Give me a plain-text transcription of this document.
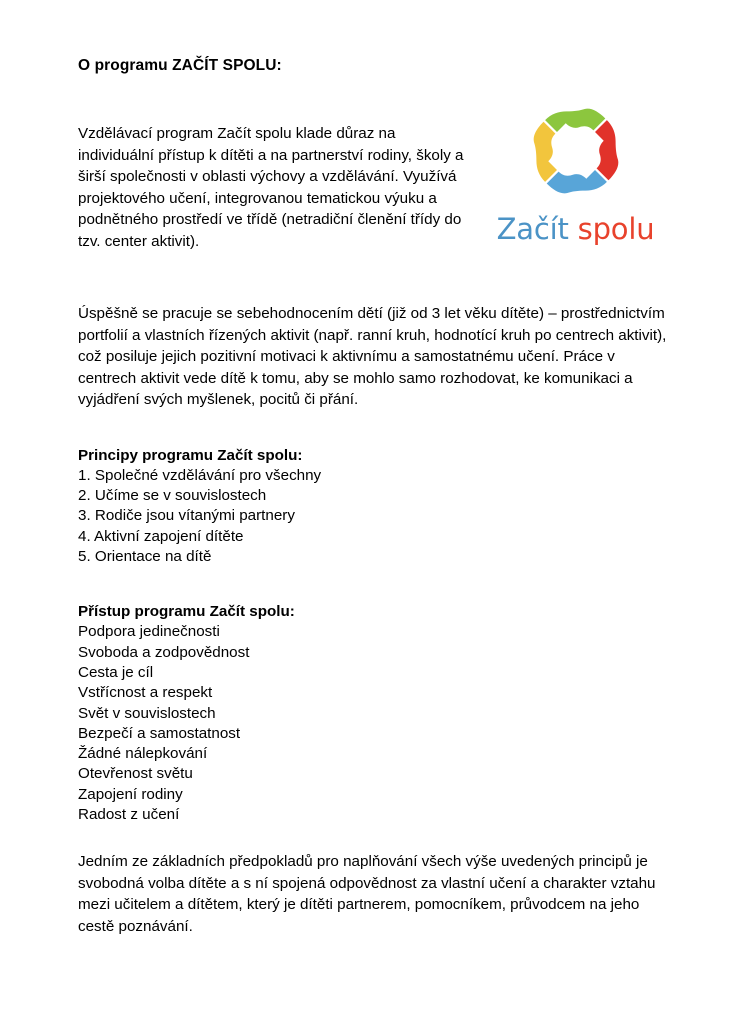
O programu ZAČÍT SPOLU:

Vzdělávací program Začít spolu klade důraz na individuální přístup k dítěti a na partnerství rodiny, školy a širší společnosti v oblasti výchovy a vzdělávání. Využívá projektového učení, integrovanou tematickou výuku a podnětného prostředí ve třídě (netradiční členění třídy do tzv. center aktivit).	Začít spolu

Úspěšně se pracuje se sebehodnocením dětí (již od 3 let věku dítěte) – prostřednictvím portfolií a vlastních řízených aktivit (např. ranní kruh, hodnotící kruh po centrech aktivit), což posiluje jejich pozitivní motivaci k aktivnímu a samostatnému učení. Práce v centrech aktivit vede dítě k tomu, aby se mohlo samo rozhodovat, ke komunikaci a vyjádření svých myšlenek, pocitů či přání.

Principy programu Začít spolu:

1. Společné vzdělávání pro všechny
2. Učíme se v souvislostech
3. Rodiče jsou vítanými partnery
4. Aktivní zapojení dítěte
5. Orientace na dítě

Přístup programu Začít spolu:

Podpora jedinečnosti
Svoboda a zodpovědnost
Cesta je cíl
Vstřícnost a respekt
Svět v souvislostech
Bezpečí a samostatnost
Žádné nálepkování
Otevřenost světu
Zapojení rodiny
Radost z učení

Jedním ze základních předpokladů pro naplňování všech výše uvedených principů je svobodná volba dítěte a s ní spojená odpovědnost za vlastní učení a charakter vztahu mezi učitelem a dítětem, který je dítěti partnerem, pomocníkem, průvodcem na jeho cestě poznávání.
